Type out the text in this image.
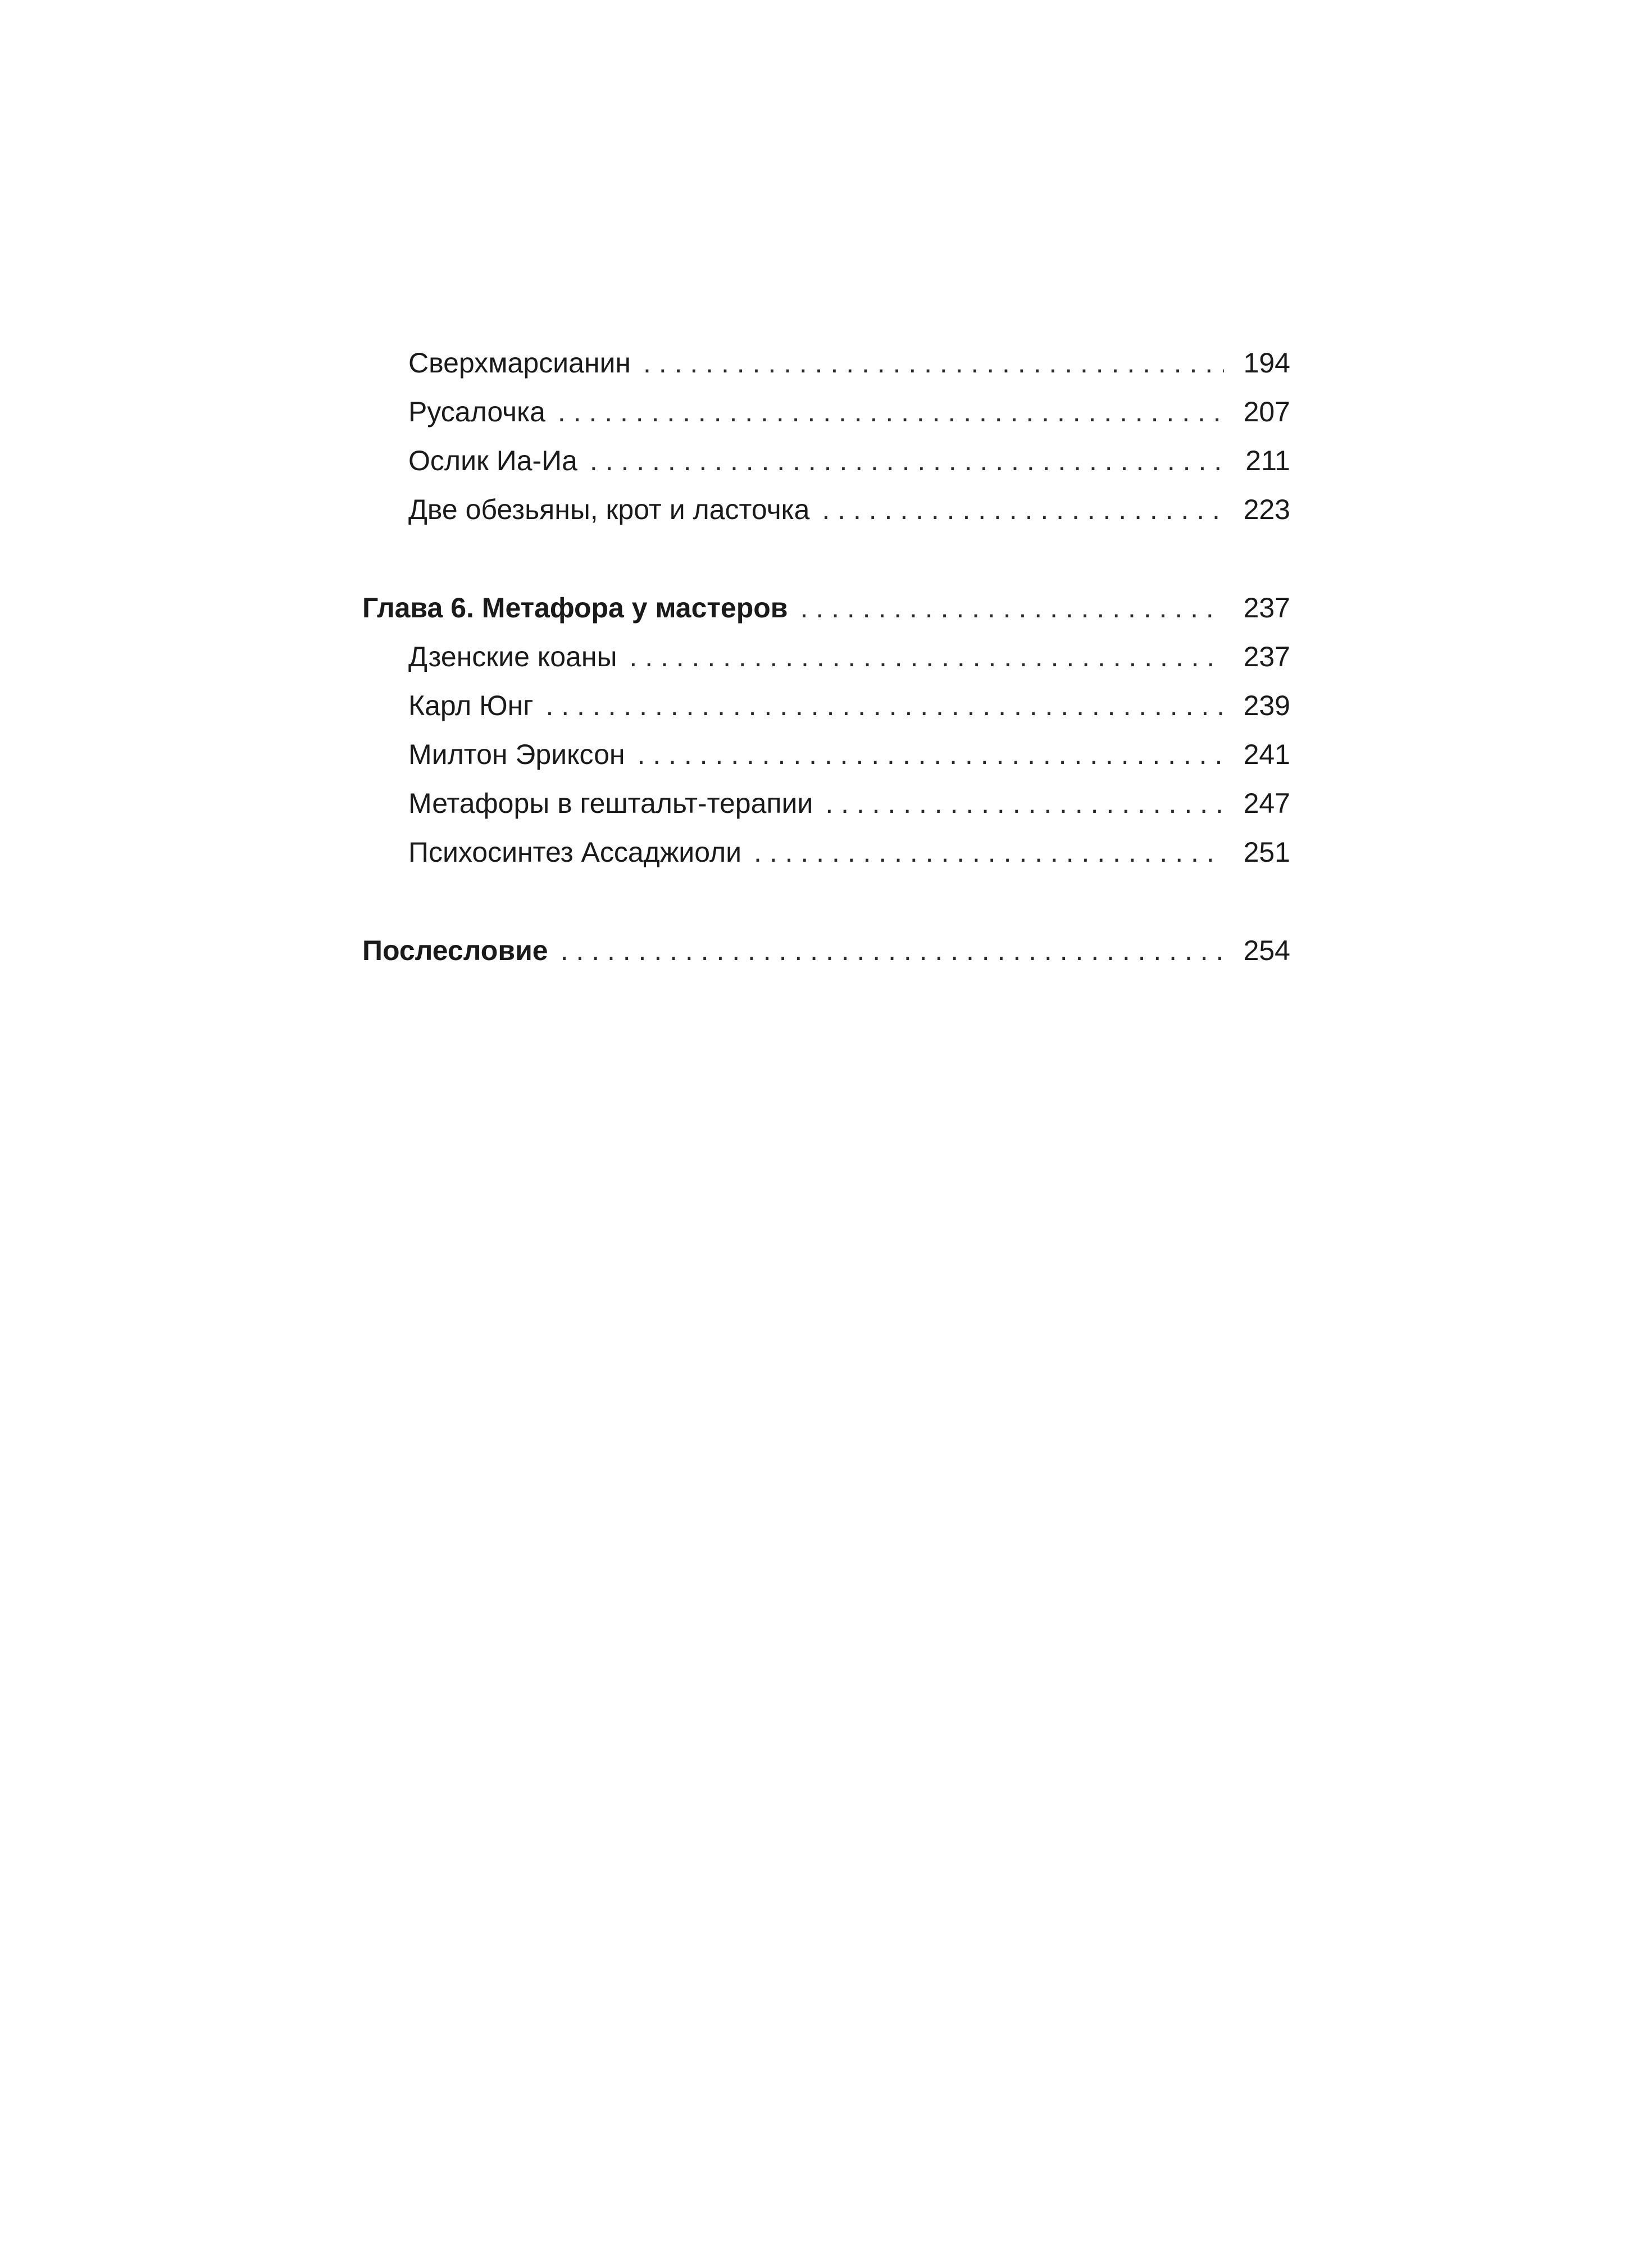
Сверхмарсианин . . .	194
Русалочка . . .	207
Ослик Иа-Иа . . .	211
Две обезьяны, крот и ласточка . . .	223
Глава 6. Метафора у мастеров . . .	237
Дзенские коаны . . .	237
Карл Юнг . . .	239
Милтон Эриксон . . .	241
Метафоры в гештальт-терапии . . .	247
Психосинтез Ассаджиоли . . .	251
Послесловие . . .	254
